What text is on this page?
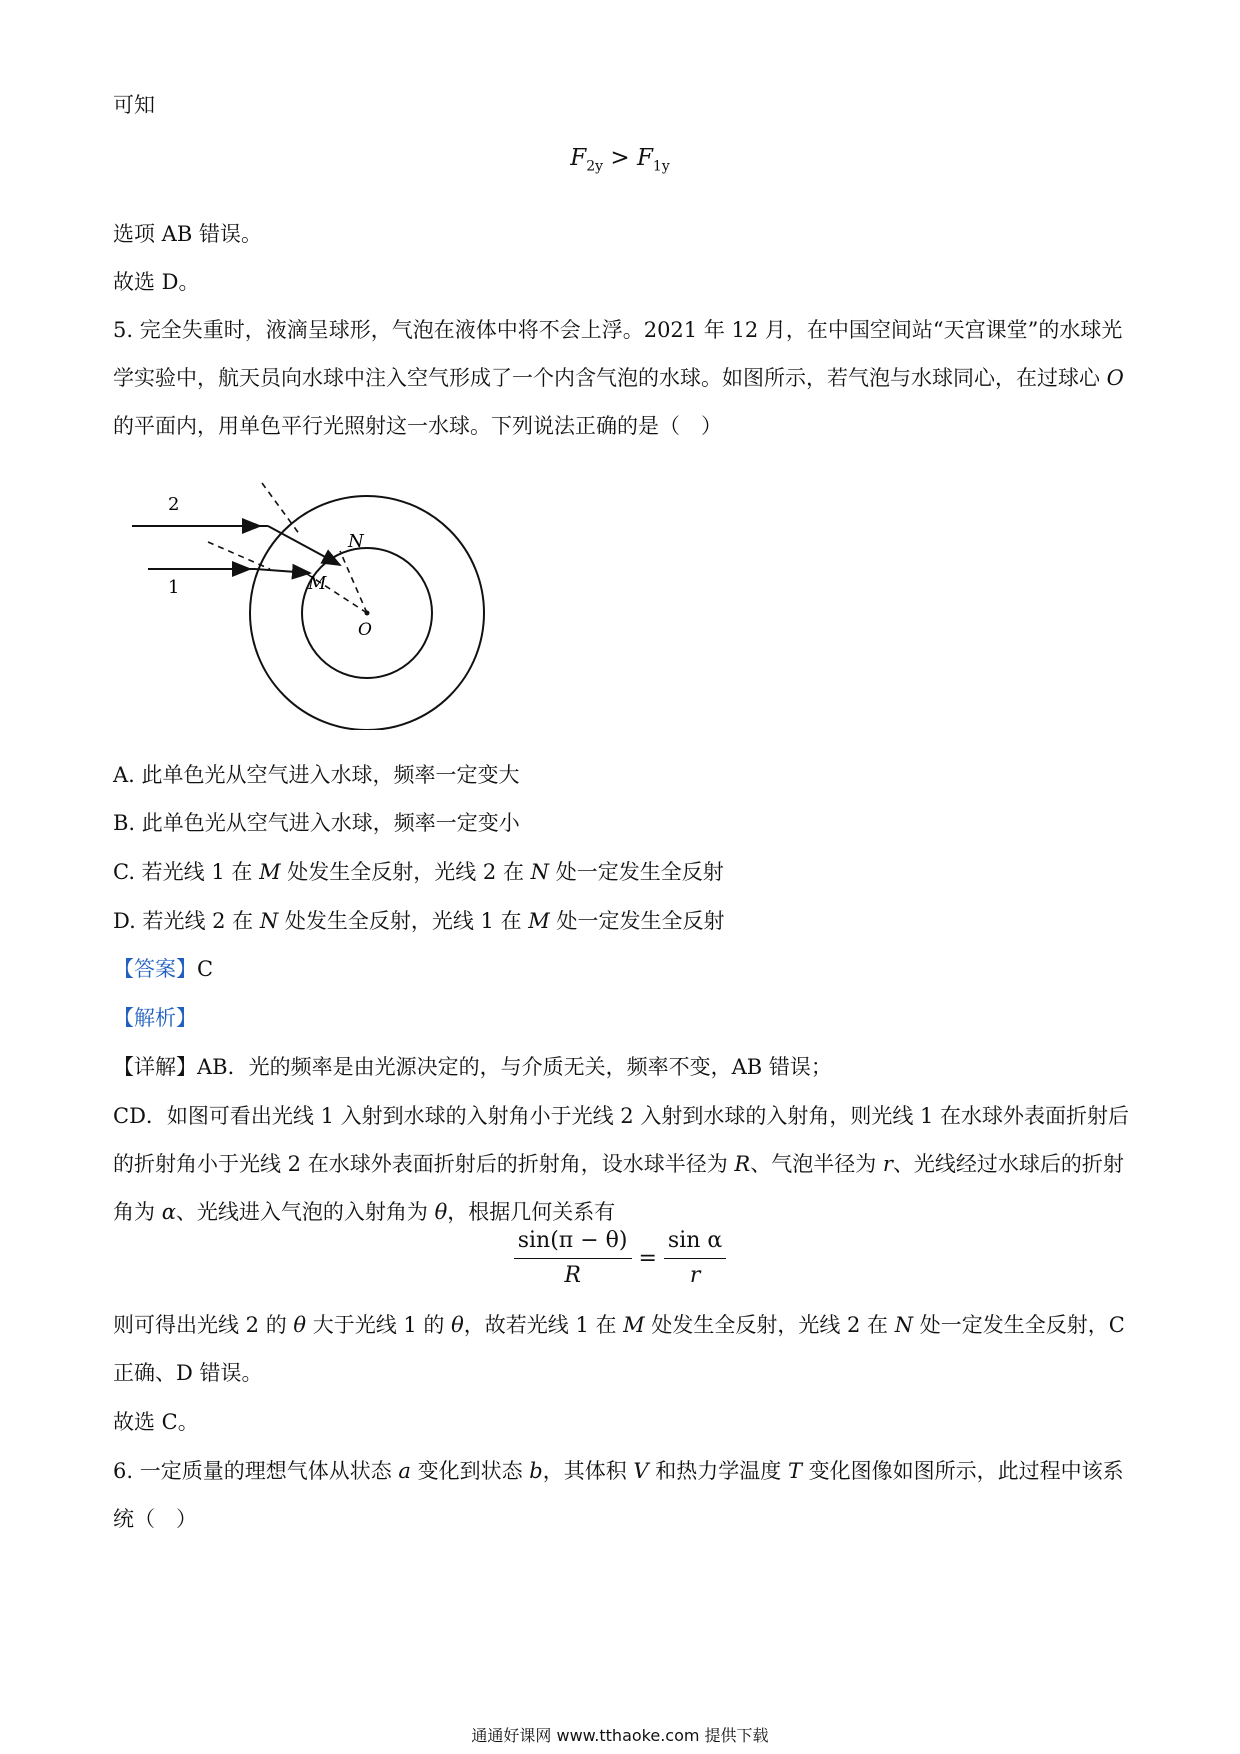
可知
$F_{2y} > F_{1y}$
选项 AB 错误。
故选 D。
5. 完全失重时，液滴呈球形，气泡在液体中将不会上浮。2021 年 12 月，在中国空间站“天宫课堂”的水球光学实验中，航天员向水球中注入空气形成了一个内含气泡的水球。如图所示，若气泡与水球同心，在过球心 O 的平面内，用单色平行光照射这一水球。下列说法正确的是（　）
2
1
N
M
O
A. 此单色光从空气进入水球，频率一定变大
B. 此单色光从空气进入水球，频率一定变小
C. 若光线 1 在 M 处发生全反射，光线 2 在 N 处一定发生全反射
D. 若光线 2 在 N 处发生全反射，光线 1 在 M 处一定发生全反射
【答案】C
【解析】
【详解】AB．光的频率是由光源决定的，与介质无关，频率不变，AB 错误；
CD．如图可看出光线 1 入射到水球的入射角小于光线 2 入射到水球的入射角，则光线 1 在水球外表面折射后的折射角小于光线 2 在水球外表面折射后的折射角，设水球半径为 R、气泡半径为 r、光线经过水球后的折射角为 α、光线进入气泡的入射角为 θ，根据几何关系有
$\frac{\sin(\pi - \theta)}{R} = \frac{\text{sin α}}{r}$
则可得出光线 2 的 θ 大于光线 1 的 θ，故若光线 1 在 M 处发生全反射，光线 2 在 N 处一定发生全反射，C 正确、D 错误。
故选 C。
6. 一定质量的理想气体从状态 a 变化到状态 b，其体积 V 和热力学温度 T 变化图像如图所示，此过程中该系统（　）
通通好课网 www.tthaoke.com 提供下载
